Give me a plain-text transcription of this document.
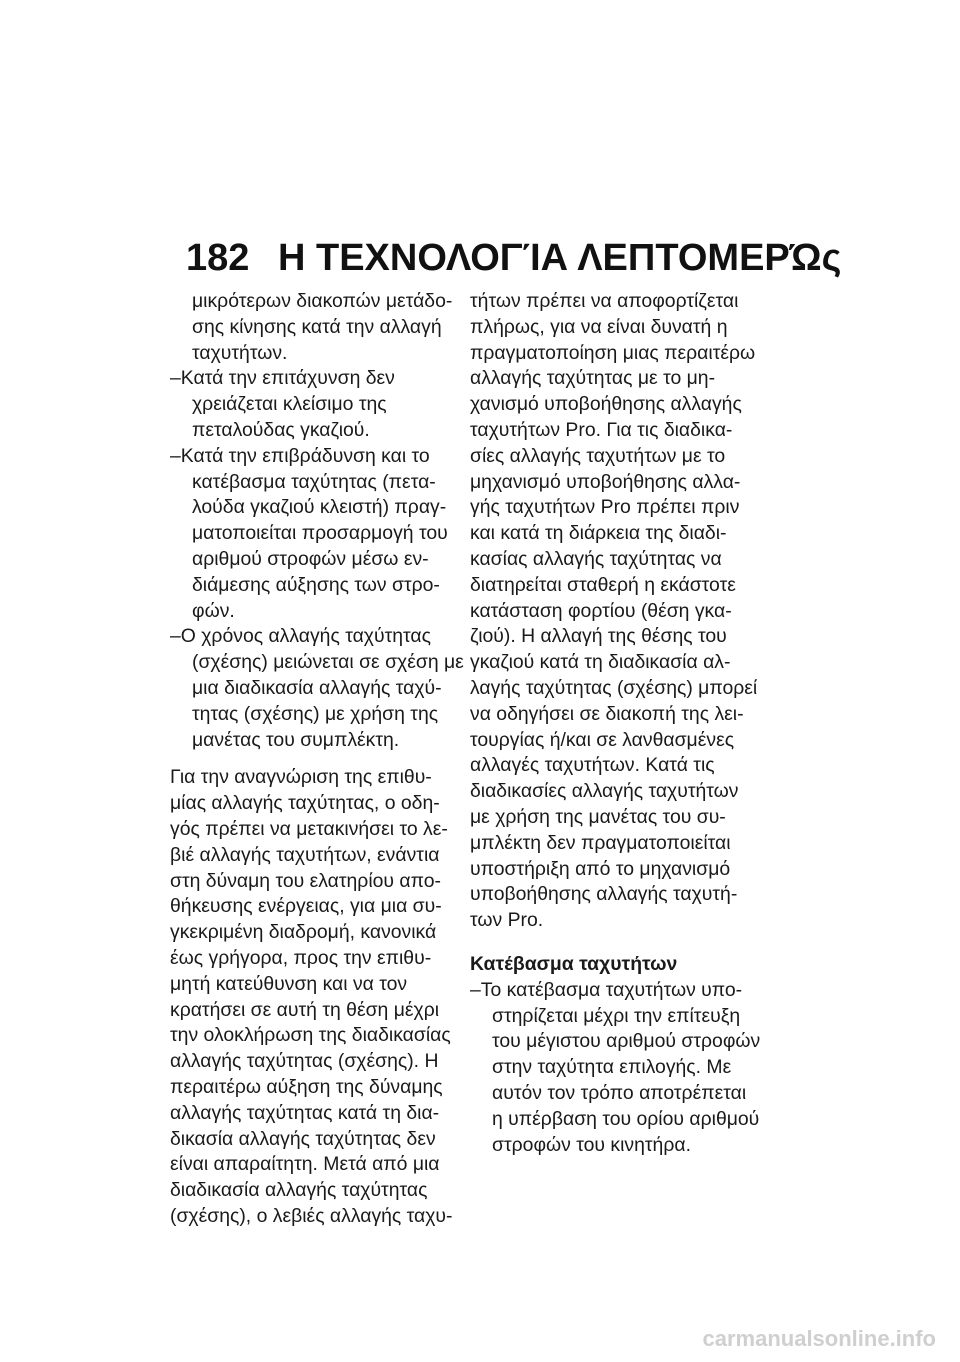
182 Η ΤΕΧΝΟΛΟΓΊΑ ΛΕΠΤΟΜΕΡΏς
μικρότερων διακοπών μετάδο-
σης κίνησης κατά την αλλαγή
ταχυτήτων.
–Κατά την επιτάχυνση δεν
χρειάζεται κλείσιμο της
πεταλούδας γκαζιού.
–Κατά την επιβράδυνση και το
κατέβασμα ταχύτητας (πετα-
λούδα γκαζιού κλειστή) πραγ-
ματοποιείται προσαρμογή του
αριθμού στροφών μέσω εν-
διάμεσης αύξησης των στρο-
φών.
–Ο χρόνος αλλαγής ταχύτητας
(σχέσης) μειώνεται σε σχέση με
μια διαδικασία αλλαγής ταχύ-
τητας (σχέσης) με χρήση της
μανέτας του συμπλέκτη.
Για την αναγνώριση της επιθυ-
μίας αλλαγής ταχύτητας, ο οδη-
γός πρέπει να μετακινήσει το λε-
βιέ αλλαγής ταχυτήτων, ενάντια
στη δύναμη του ελατηρίου απο-
θήκευσης ενέργειας, για μια συ-
γκεκριμένη διαδρομή, κανονικά
έως γρήγορα, προς την επιθυ-
μητή κατεύθυνση και να τον
κρατήσει σε αυτή τη θέση μέχρι
την ολοκλήρωση της διαδικασίας
αλλαγής ταχύτητας (σχέσης). Η
περαιτέρω αύξηση της δύναμης
αλλαγής ταχύτητας κατά τη δια-
δικασία αλλαγής ταχύτητας δεν
είναι απαραίτητη. Μετά από μια
διαδικασία αλλαγής ταχύτητας
(σχέσης), ο λεβιές αλλαγής ταχυ-
τήτων πρέπει να αποφορτίζεται
πλήρως, για να είναι δυνατή η
πραγματοποίηση μιας περαιτέρω
αλλαγής ταχύτητας με το μη-
χανισμό υποβοήθησης αλλαγής
ταχυτήτων Pro. Για τις διαδικα-
σίες αλλαγής ταχυτήτων με το
μηχανισμό υποβοήθησης αλλα-
γής ταχυτήτων Pro πρέπει πριν
και κατά τη διάρκεια της διαδι-
κασίας αλλαγής ταχύτητας να
διατηρείται σταθερή η εκάστοτε
κατάσταση φορτίου (θέση γκα-
ζιού). Η αλλαγή της θέσης του
γκαζιού κατά τη διαδικασία αλ-
λαγής ταχύτητας (σχέσης) μπορεί
να οδηγήσει σε διακοπή της λει-
τουργίας ή/και σε λανθασμένες
αλλαγές ταχυτήτων. Κατά τις
διαδικασίες αλλαγής ταχυτήτων
με χρήση της μανέτας του συ-
μπλέκτη δεν πραγματοποιείται
υποστήριξη από το μηχανισμό
υποβοήθησης αλλαγής ταχυτή-
των Pro.
Κατέβασμα ταχυτήτων
–Το κατέβασμα ταχυτήτων υπο-
στηρίζεται μέχρι την επίτευξη
του μέγιστου αριθμού στροφών
στην ταχύτητα επιλογής. Με
αυτόν τον τρόπο αποτρέπεται
η υπέρβαση του ορίου αριθμού
στροφών του κινητήρα.
carmanualsonline.info
